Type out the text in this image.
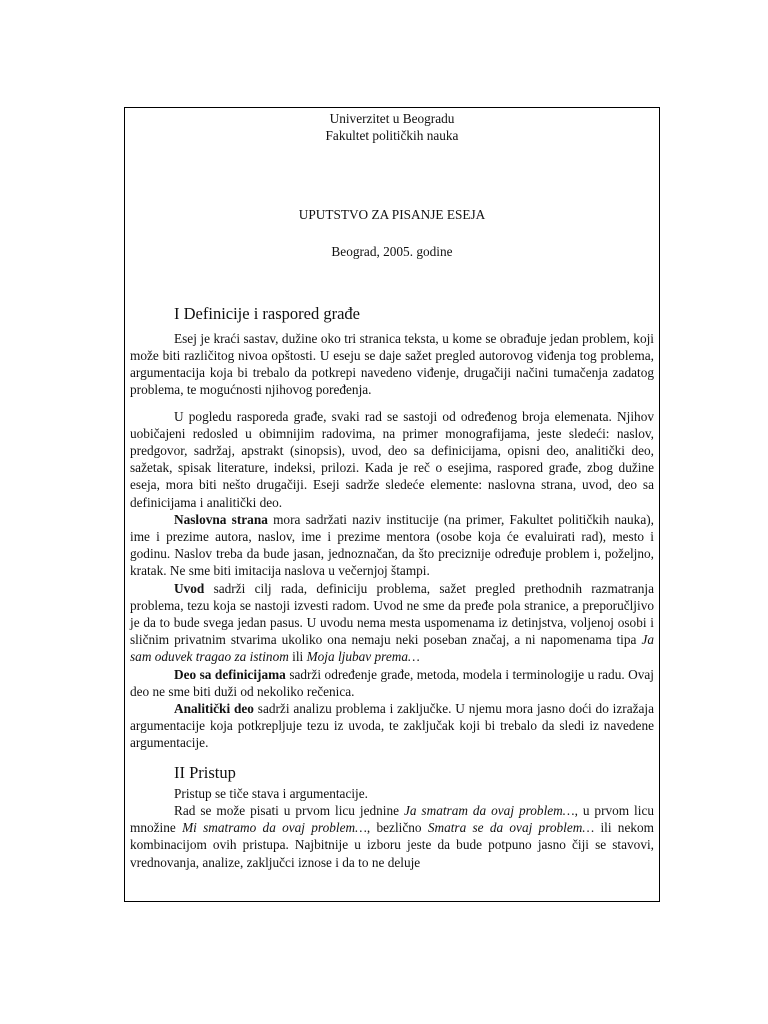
Univerzitet u Beogradu
Fakultet političkih nauka
UPUTSTVO ZA PISANJE ESEJA
Beograd, 2005. godine
I Definicije i raspored građe

Esej je kraći sastav, dužine oko tri stranica teksta, u kome se obrađuje jedan problem, koji može biti različitog nivoa opštosti. U eseju se daje sažet pregled autorovog viđenja tog problema, argumentacija koja bi trebalo da potkrepi navedeno viđenje, drugačiji načini tumačenja zadatog problema, te mogućnosti njihovog poređenja.

U pogledu rasporeda građe, svaki rad se sastoji od određenog broja elemenata. Njihov uobičajeni redosled u obimnijim radovima, na primer monografijama, jeste sledeći: naslov, predgovor, sadržaj, apstrakt (sinopsis), uvod, deo sa definicijama, opisni deo, analitički deo, sažetak, spisak literature, indeksi, prilozi. Kada je reč o esejima, raspored građe, zbog dužine eseja, mora biti nešto drugačiji. Eseji sadrže sledeće elemente: naslovna strana, uvod, deo sa definicijama i analitički deo.

Naslovna strana mora sadržati naziv institucije (na primer, Fakultet političkih nauka), ime i prezime autora, naslov, ime i prezime mentora (osobe koja će evaluirati rad), mesto i godinu. Naslov treba da bude jasan, jednoznačan, da što preciznije određuje problem i, poželjno, kratak. Ne sme biti imitacija naslova u večernjoj štampi.

Uvod sadrži cilj rada, definiciju problema, sažet pregled prethodnih razmatranja problema, tezu koja se nastoji izvesti radom. Uvod ne sme da pređe pola stranice, a preporučljivo je da to bude svega jedan pasus. U uvodu nema mesta uspomenama iz detinjstva, voljenoj osobi i sličnim privatnim stvarima ukoliko ona nemaju neki poseban značaj, a ni napomenama tipa Ja sam oduvek tragao za istinom ili Moja ljubav prema…

Deo sa definicijama sadrži određenje građe, metoda, modela i terminologije u radu. Ovaj deo ne sme biti duži od nekoliko rečenica.

Analitički deo sadrži analizu problema i zaključke. U njemu mora jasno doći do izražaja argumentacije koja potkrepljuje tezu iz uvoda, te zaključak koji bi trebalo da sledi iz navedene argumentacije.

II Pristup

Pristup se tiče stava i argumentacije.

Rad se može pisati u prvom licu jednine Ja smatram da ovaj problem…, u prvom licu množine Mi smatramo da ovaj problem…, bezlično Smatra se da ovaj problem… ili nekom kombinacijom ovih pristupa. Najbitnije u izboru jeste da bude potpuno jasno čiji se stavovi, vrednovanja, analize, zaključci iznose i da to ne deluje
